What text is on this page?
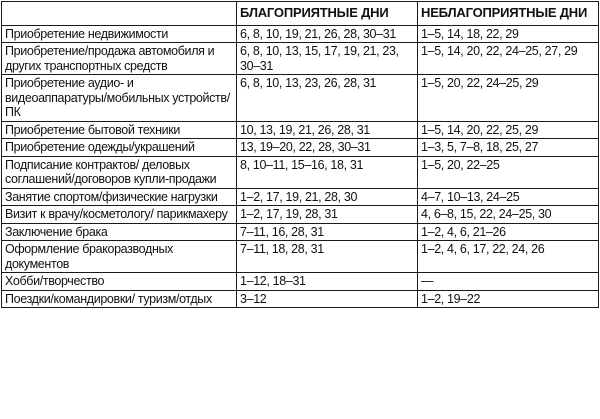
	БЛАГОПРИЯТНЫЕ ДНИ	НЕБЛАГОПРИЯТНЫЕ ДНИ
Приобретение недвижимости	6, 8, 10, 19, 21, 26, 28, 30–31	1–5, 14, 18, 22, 29
Приобретение/продажа автомобиля и других транспортных средств	6, 8, 10, 13, 15, 17, 19, 21, 23, 30–31	1–5, 14, 20, 22, 24–25, 27, 29
Приобретение аудио- и видеоаппаратуры/мобильных устройств/ПК	6, 8, 10, 13, 23, 26, 28, 31	1–5, 20, 22, 24–25, 29
Приобретение бытовой техники	10, 13, 19, 21, 26, 28, 31	1–5, 14, 20, 22, 25, 29
Приобретение одежды/украшений	13, 19–20, 22, 28, 30–31	1–3, 5, 7–8, 18, 25, 27
Подписание контрактов/ деловых соглашений/договоров купли-продажи	8, 10–11, 15–16, 18, 31	1–5, 20, 22–25
Занятие спортом/физические нагрузки	1–2, 17, 19, 21, 28, 30	4–7, 10–13, 24–25
Визит к врачу/косметологу/ парикмахеру	1–2, 17, 19, 28, 31	4, 6–8, 15, 22, 24–25, 30
Заключение брака	7–11, 16, 28, 31	1–2, 4, 6, 21–26
Оформление бракоразводных документов	7–11, 18, 28, 31	1–2, 4, 6, 17, 22, 24, 26
Хобби/творчество	1–12, 18–31	—
Поездки/командировки/ туризм/отдых	3–12	1–2, 19–22
